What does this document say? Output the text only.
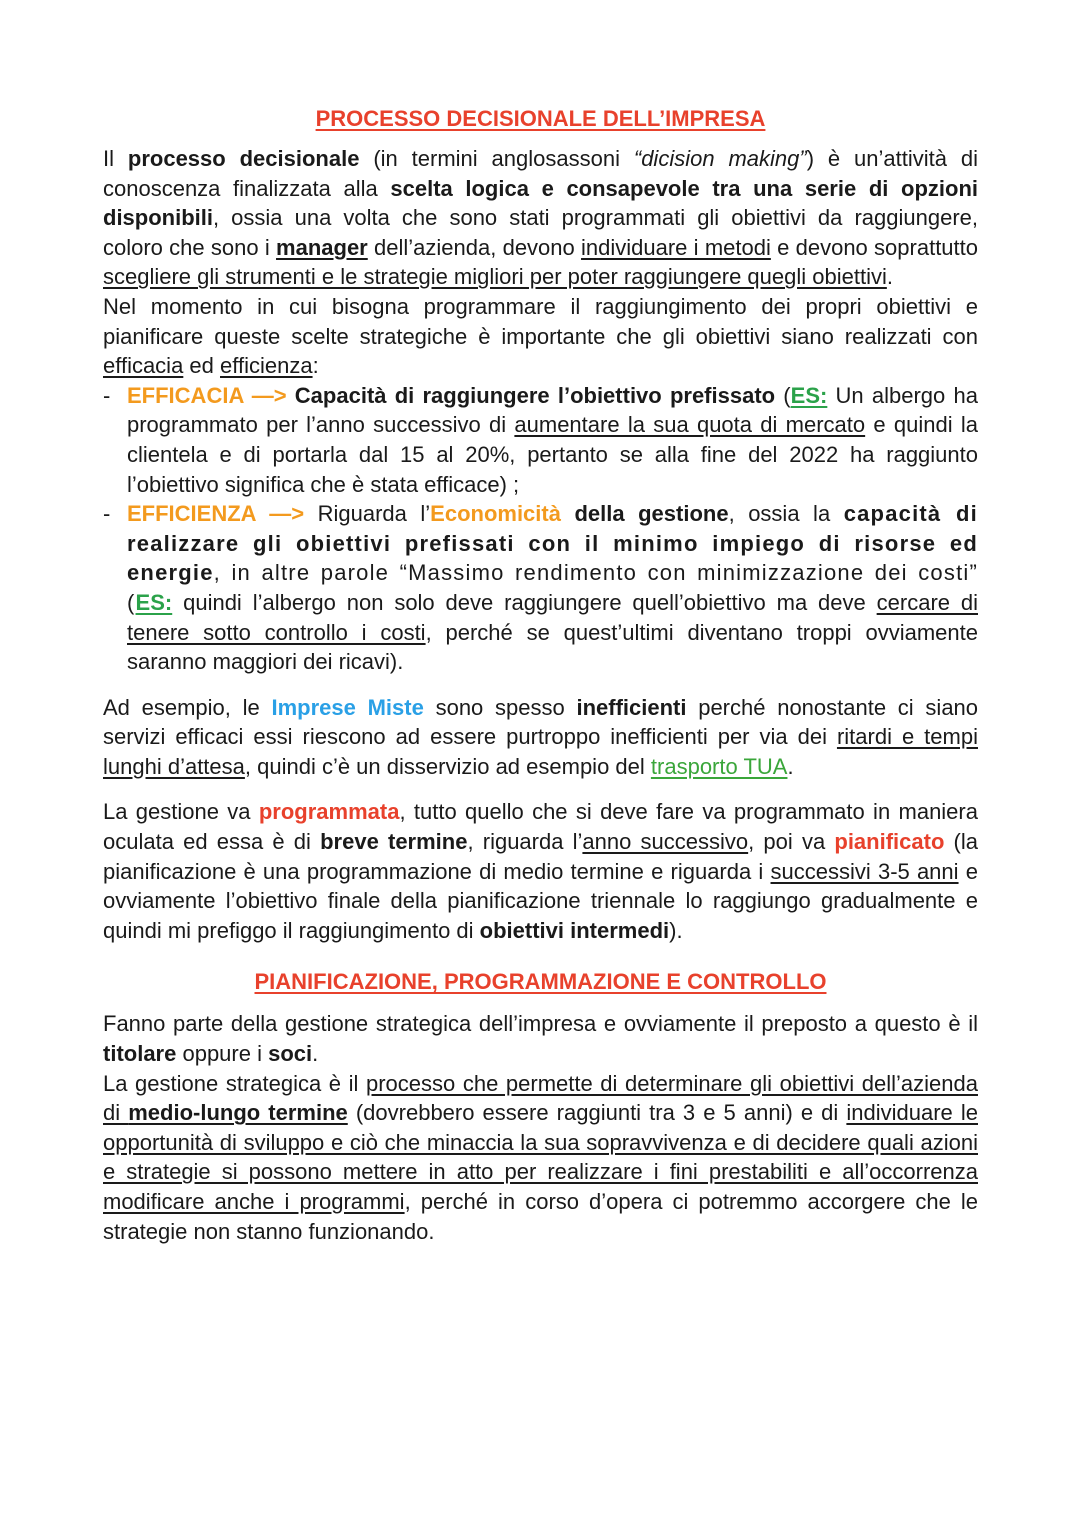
PROCESSO DECISIONALE DELL’IMPRESA

Il processo decisionale (in termini anglosassoni “dicision making”) è un’attività di conoscenza finalizzata alla scelta logica e consapevole tra una serie di opzioni disponibili, ossia una volta che sono stati programmati gli obiettivi da raggiungere, coloro che sono i manager dell’azienda, devono individuare i metodi e devono soprattutto scegliere gli strumenti e le strategie migliori per poter raggiungere quegli obiettivi.

Nel momento in cui bisogna programmare il raggiungimento dei propri obiettivi e pianificare queste scelte strategiche è importante che gli obiettivi siano realizzati con efficacia ed efficienza:

- EFFICACIA —> Capacità di raggiungere l’obiettivo prefissato (ES: Un albergo ha programmato per l’anno successivo di aumentare la sua quota di mercato e quindi la clientela e di portarla dal 15 al 20%, pertanto se alla fine del 2022 ha raggiunto l’obiettivo significa che è stata efficace) ;
- EFFICIENZA —> Riguarda l’Economicità della gestione, ossia la capacità di realizzare gli obiettivi prefissati con il minimo impiego di risorse ed energie, in altre parole “Massimo rendimento con minimizzazione dei costi” (ES: quindi l’albergo non solo deve raggiungere quell’obiettivo ma deve cercare di tenere sotto controllo i costi, perché se quest’ultimi diventano troppi ovviamente saranno maggiori dei ricavi).

Ad esempio, le Imprese Miste sono spesso inefficienti perché nonostante ci siano servizi efficaci essi riescono ad essere purtroppo inefficienti per via dei ritardi e tempi lunghi d’attesa, quindi c’è un disservizio ad esempio del trasporto TUA.

La gestione va programmata, tutto quello che si deve fare va programmato in maniera oculata ed essa è di breve termine, riguarda l’anno successivo, poi va pianificato (la pianificazione è una programmazione di medio termine e riguarda i successivi 3-5 anni e ovviamente l’obiettivo finale della pianificazione triennale lo raggiungo gradualmente e quindi mi prefiggo il raggiungimento di obiettivi intermedi).

PIANIFICAZIONE, PROGRAMMAZIONE E CONTROLLO

Fanno parte della gestione strategica dell’impresa e ovviamente il preposto a questo è il titolare oppure i soci.

La gestione strategica è il processo che permette di determinare gli obiettivi dell’azienda di medio-lungo termine (dovrebbero essere raggiunti tra 3 e 5 anni) e di individuare le opportunità di sviluppo e ciò che minaccia la sua sopravvivenza e di decidere quali azioni e strategie si possono mettere in atto per realizzare i fini prestabiliti e all’occorrenza modificare anche i programmi, perché in corso d’opera ci potremmo accorgere che le strategie non stanno funzionando.
